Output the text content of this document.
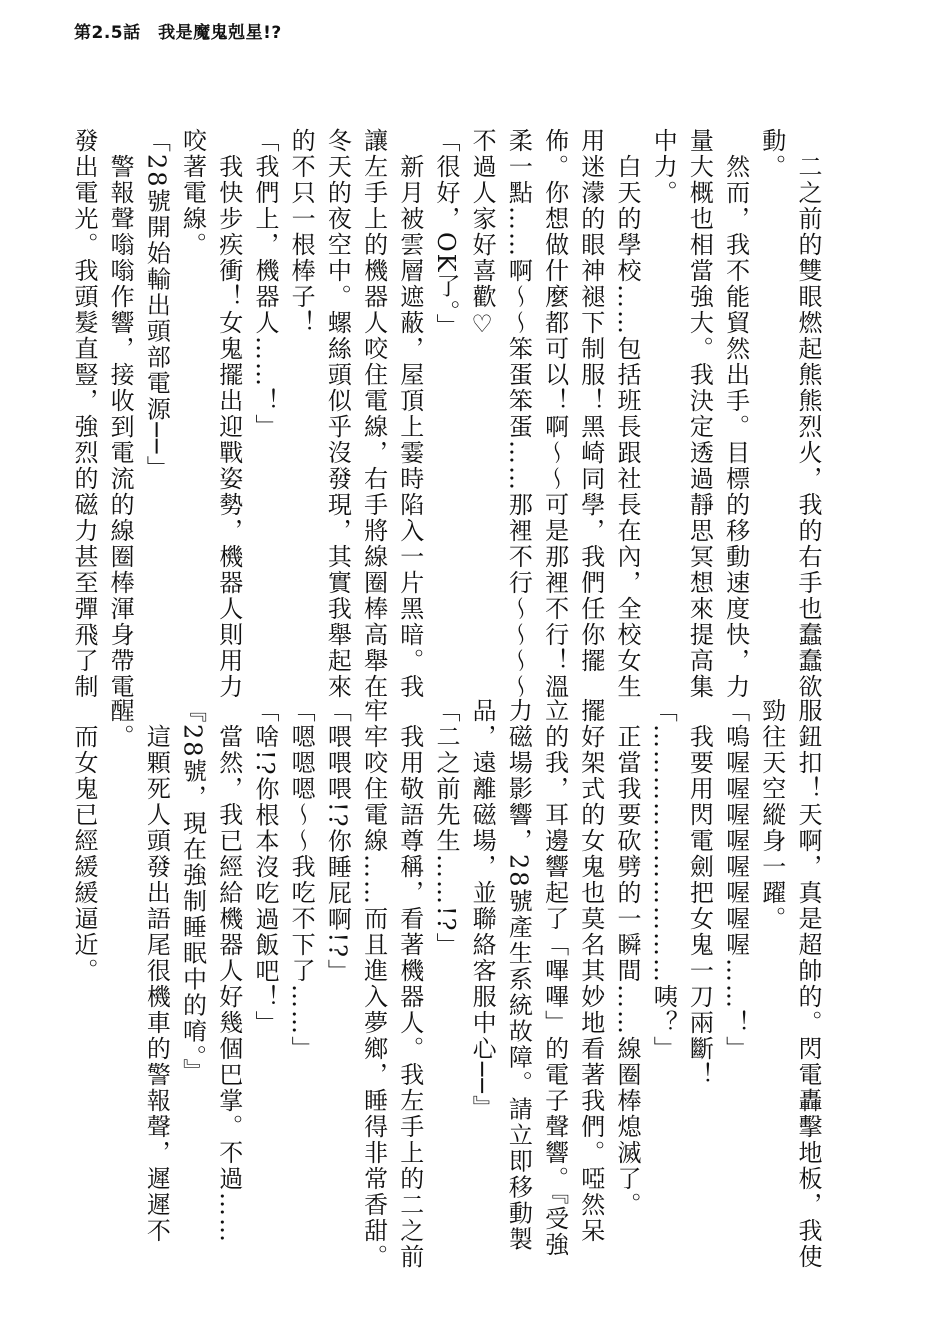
第2.5話　我是魔鬼剋星!?
　二之前的雙眼燃起熊熊烈火，我的右手也蠢蠢欲
動。
　然而，我不能貿然出手。目標的移動速度快，力
量大概也相當強大。我決定透過靜思冥想來提高集
中力。
　白天的學校……包括班長跟社長在內，全校女生
用迷濛的眼神褪下制服！黑崎同學，我們任你擺
佈。你想做什麼都可以！啊～～可是那裡不行！溫
柔一點……啊～～笨蛋笨蛋……那裡不行～～～～
不過人家好喜歡♡
「很好，OK了。」
　新月被雲層遮蔽，屋頂上霎時陷入一片黑暗。我
讓左手上的機器人咬住電線，右手將線圈棒高舉在
冬天的夜空中。螺絲頭似乎沒發現，其實我舉起來
的不只一根棒子！
「我們上，機器人……！」
　我快步疾衝！女鬼擺出迎戰姿勢，機器人則用力
咬著電線。
「28號開始輸出頭部電源──」
　警報聲嗡嗡作響，接收到電流的線圈棒渾身帶電
發出電光。我頭髮直豎，強烈的磁力甚至彈飛了制
服鈕扣！天啊，真是超帥的。閃電轟擊地板，我使
勁往天空縱身一躍。
「嗚喔喔喔喔喔喔喔喔……！」
　我要用閃電劍把女鬼一刀兩斷！
「…………………………咦？」
　正當我要砍劈的一瞬間……線圈棒熄滅了。
擺好架式的女鬼也莫名其妙地看著我們。啞然呆
立的我，耳邊響起了「嗶嗶」的電子聲響。『受強
力磁場影響，28號產生系統故障。請立即移動製
品，遠離磁場，並聯絡客服中心──』
「二之前先生……!?」
　我用敬語尊稱，看著機器人。我左手上的二之前
牢牢咬住電線……而且進入夢鄉，睡得非常香甜。
「喂喂喂!?你睡屁啊!?」
「嗯嗯嗯～～我吃不下了……」
「啥!?你根本沒吃過飯吧！」
　當然，我已經給機器人好幾個巴掌。不過……
『28號，現在強制睡眠中的唷。』
　這顆死人頭發出語尾很機車的警報聲，遲遲不
醒。
　而女鬼已經緩緩逼近。
